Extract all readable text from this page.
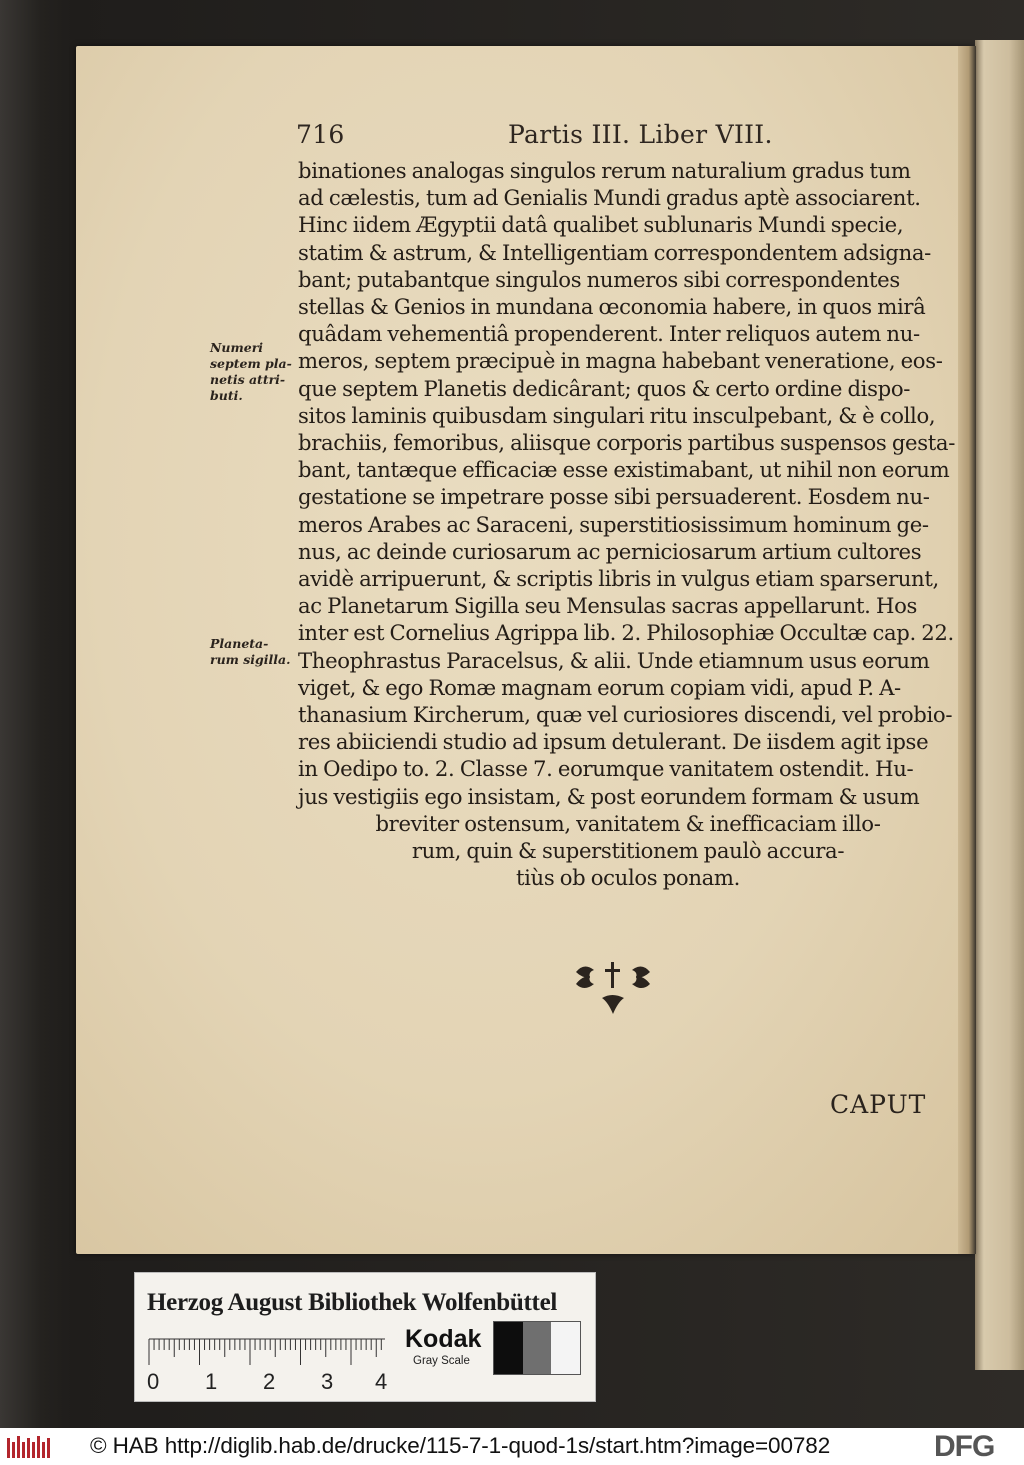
716	Partis III. Liber VIII.
Numeri
septem pla-
netis attri-
buti.
Planeta-
rum sigilla.
binationes analogas singulos rerum naturalium gradus tum
ad cælestis, tum ad Genialis Mundi gradus aptè associarent.
Hinc iidem Ægyptii datâ qualibet sublunaris Mundi specie,
statim & astrum, & Intelligentiam correspondentem adsigna-
bant; putabantque singulos numeros sibi correspondentes
stellas & Genios in mundana œconomia habere, in quos mirâ
quâdam vehementiâ propenderent. Inter reliquos autem nu-
meros, septem præcipuè in magna habebant veneratione, eos-
que septem Planetis dedicârant; quos & certo ordine dispo-
sitos laminis quibusdam singulari ritu insculpebant, & è collo,
brachiis, femoribus, aliisque corporis partibus suspensos gesta-
bant, tantæque efficaciæ esse existimabant, ut nihil non eorum
gestatione se impetrare posse sibi persuaderent. Eosdem nu-
meros Arabes ac Saraceni, superstitiosissimum hominum ge-
nus, ac deinde curiosarum ac perniciosarum artium cultores
avidè arripuerunt, & scriptis libris in vulgus etiam sparserunt,
ac Planetarum Sigilla seu Mensulas sacras appellarunt. Hos
inter est Cornelius Agrippa lib. 2. Philosophiæ Occultæ cap. 22.
Theophrastus Paracelsus, & alii. Unde etiamnum usus eorum
viget, & ego Romæ magnam eorum copiam vidi, apud P. A-
thanasium Kircherum, quæ vel curiosiores discendi, vel probio-
res abiiciendi studio ad ipsum detulerant. De iisdem agit ipse
in Oedipo to. 2. Classe 7. eorumque vanitatem ostendit. Hu-
jus vestigiis ego insistam, & post eorundem formam & usum
breviter ostensum, vanitatem & inefficaciam illo-
rum, quin & superstitionem paulò accura-
tiùs ob oculos ponam.
CAPUT
Herzog August Bibliothek Wolfenbüttel
0 1 2 3 4
Kodak
Gray Scale
© HAB http://diglib.hab.de/drucke/115-7-1-quod-1s/start.htm?image=00782	DFG
